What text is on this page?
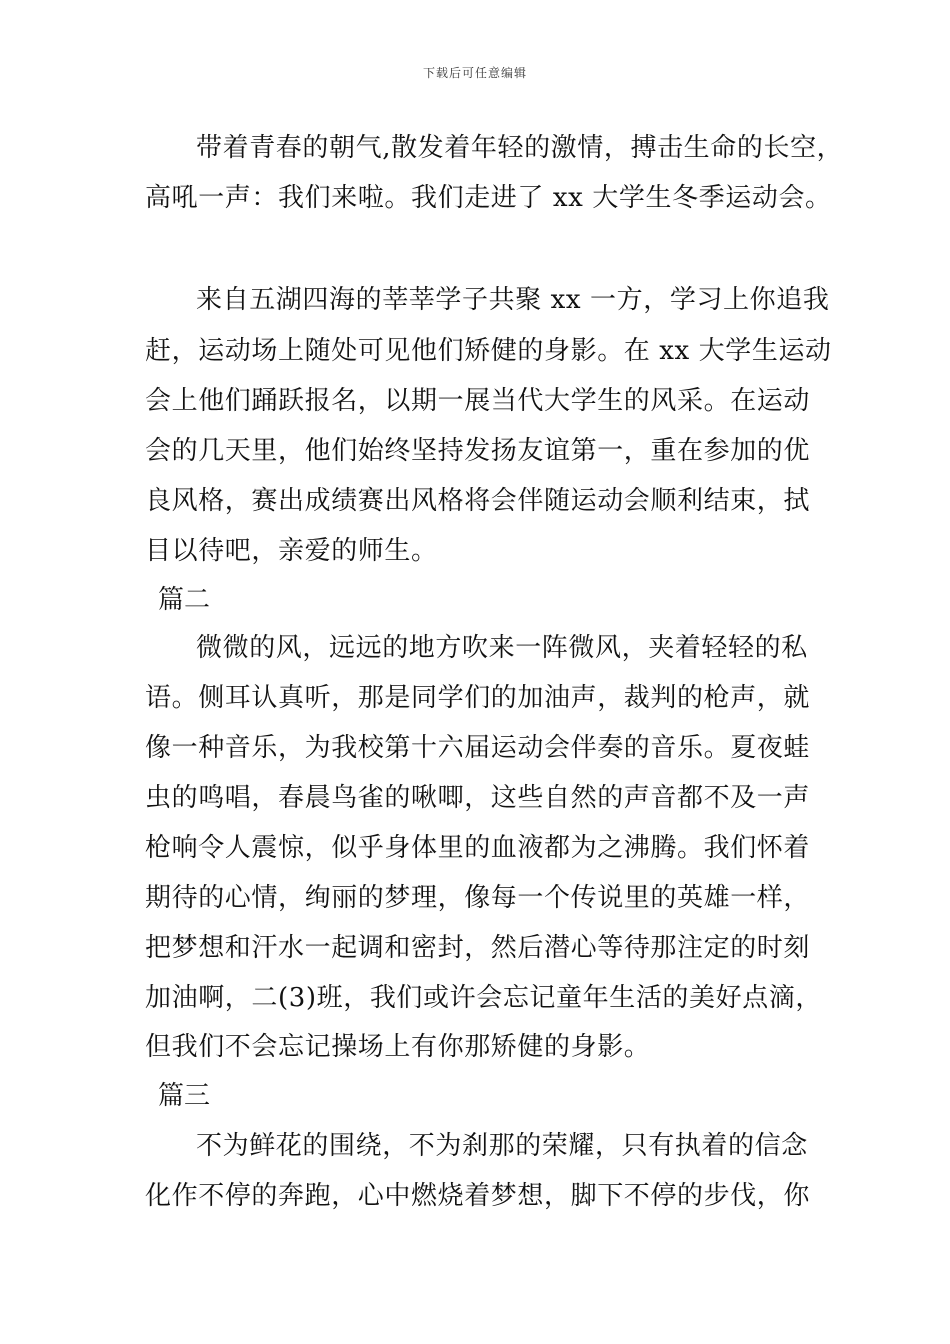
下载后可任意编辑
带着青春的朝气,散发着年轻的激情，搏击生命的长空，
高吼一声：我们来啦。我们走进了 xx 大学生冬季运动会。
来自五湖四海的莘莘学子共聚 xx 一方，学习上你追我
赶，运动场上随处可见他们矫健的身影。在 xx 大学生运动
会上他们踊跃报名，以期一展当代大学生的风采。在运动
会的几天里，他们始终坚持发扬友谊第一，重在参加的优
良风格，赛出成绩赛出风格将会伴随运动会顺利结束，拭
目以待吧，亲爱的师生。
篇二
微微的风，远远的地方吹来一阵微风，夹着轻轻的私
语。侧耳认真听，那是同学们的加油声，裁判的枪声，就
像一种音乐，为我校第十六届运动会伴奏的音乐。夏夜蛙
虫的鸣唱，春晨鸟雀的啾唧，这些自然的声音都不及一声
枪响令人震惊，似乎身体里的血液都为之沸腾。我们怀着
期待的心情，绚丽的梦理，像每一个传说里的英雄一样，
把梦想和汗水一起调和密封，然后潜心等待那注定的时刻
加油啊，二(3)班，我们或许会忘记童年生活的美好点滴，
但我们不会忘记操场上有你那矫健的身影。
篇三
不为鲜花的围绕，不为刹那的荣耀，只有执着的信念
化作不停的奔跑，心中燃烧着梦想，脚下不停的步伐，你
